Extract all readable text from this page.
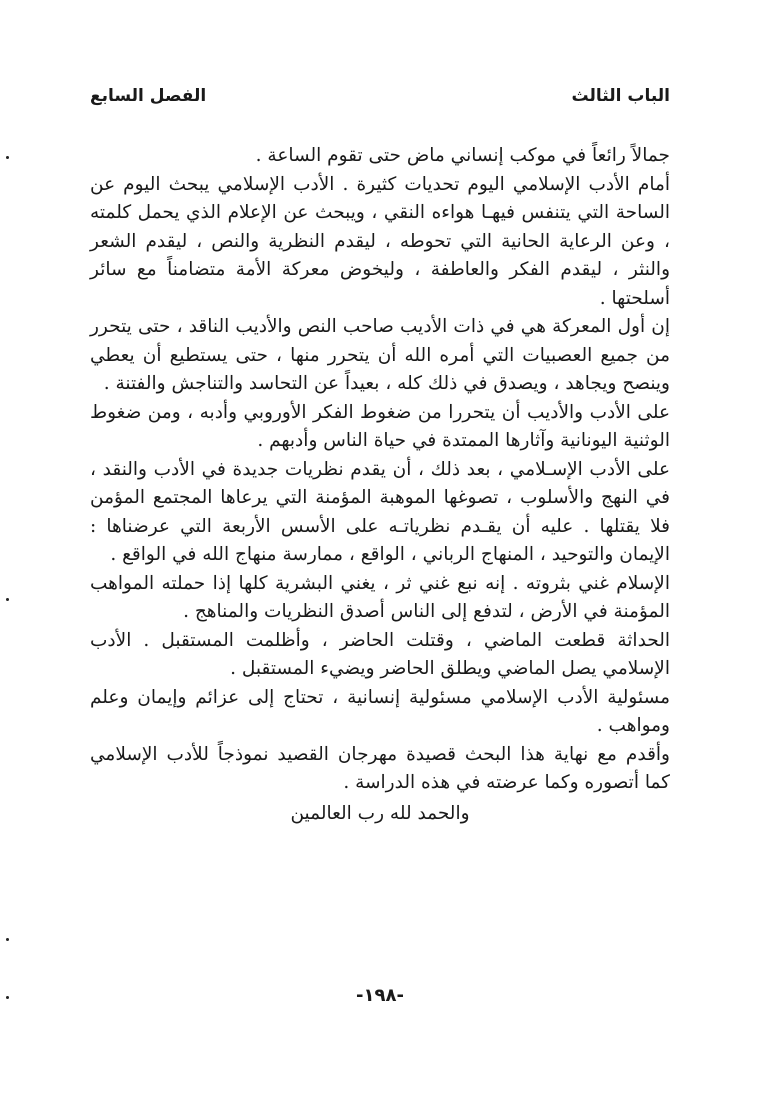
الباب الثالث
الفصل السابع

جمالاً رائعاً في موكب إنساني ماض حتى تقوم الساعة .

أمام الأدب الإسلامي اليوم تحديات كثيرة . الأدب الإسلامي يبحث اليوم عن الساحة التي يتنفس فيهـا هواءه النقي ، ويبحث عن الإعلام الذي يحمل كلمته ، وعن الرعاية الحانية التي تحوطه ، ليقدم النظرية والنص ، ليقدم الشعر والنثر ، ليقدم الفكر والعاطفة ، وليخوض معركة الأمة متضامناً مع سائر أسلحتها .

إن أول المعركة هي في ذات الأديب صاحب النص والأديب الناقد ، حتى يتحرر من جميع العصبيات التي أمره الله أن يتحرر منها ، حتى يستطيع أن يعطي وينصح ويجاهد ، ويصدق في ذلك كله ، بعيداً عن التحاسد والتناجش والفتنة .

على الأدب والأديب أن يتحررا من ضغوط الفكر الأوروبي وأدبه ، ومن ضغوط الوثنية اليونانية وآثارها الممتدة في حياة الناس وأدبهم .

على الأدب الإسـلامي ، بعد ذلك ، أن يقدم نظريات جديدة في الأدب والنقد ، في النهج والأسلوب ، تصوغها الموهبة المؤمنة التي يرعاها المجتمع المؤمن فلا يقتلها . عليه أن يقـدم نظرياتـه على الأسس الأربعة التي عرضناها : الإيمان والتوحيد ، المنهاج الرباني ، الواقع ، ممارسة منهاج الله في الواقع .

الإسلام غني بثروته . إنه نبع غني ثر ، يغني البشرية كلها إذا حملته المواهب المؤمنة في الأرض ، لتدفع إلى الناس أصدق النظريات والمناهج .

الحداثة قطعت الماضي ، وقتلت الحاضر ، وأظلمت المستقبل . الأدب الإسلامي يصل الماضي ويطلق الحاضر ويضيء المستقبل .

مسئولية الأدب الإسلامي مسئولية إنسانية ، تحتاج إلى عزائم وإيمان وعلم ومواهب .

وأقدم مع نهاية هذا البحث قصيدة مهرجان القصيد نموذجاً للأدب الإسلامي كما أتصوره وكما عرضته في هذه الدراسة .

والحمد لله رب العالمين

-١٩٨-
